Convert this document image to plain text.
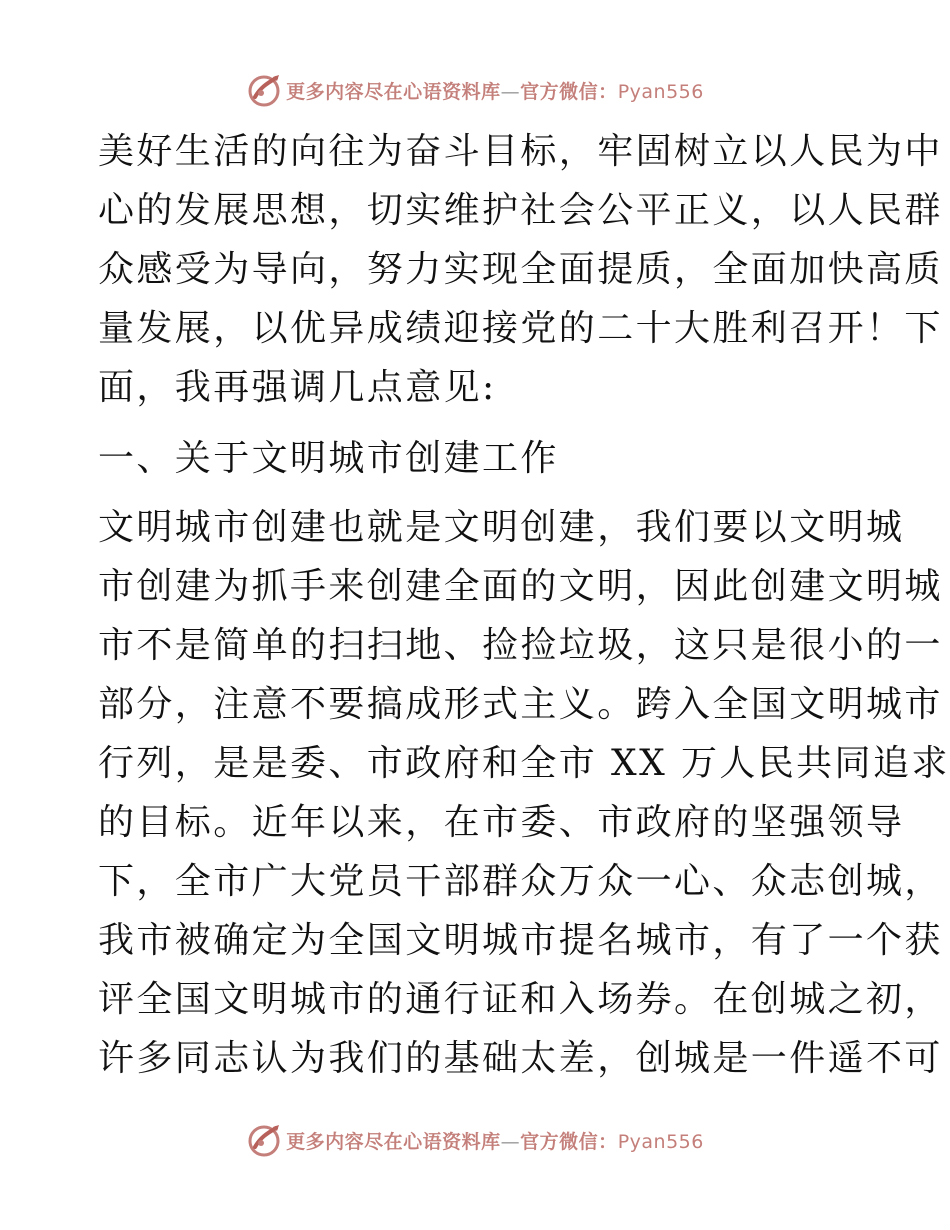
更多内容尽在心语资料库—官方微信：Pyan556
美好生活的向往为奋斗目标，牢固树立以人民为中
心的发展思想，切实维护社会公平正义，以人民群
众感受为导向，努力实现全面提质，全面加快高质
量发展，以优异成绩迎接党的二十大胜利召开！下
面，我再强调几点意见:
一、关于文明城市创建工作
文明城市创建也就是文明创建，我们要以文明城
市创建为抓手来创建全面的文明，因此创建文明城
市不是简单的扫扫地、捡捡垃圾，这只是很小的一
部分，注意不要搞成形式主义。跨入全国文明城市
行列，是是委、市政府和全市 XX 万人民共同追求
的目标。近年以来，在市委、市政府的坚强领导
下，全市广大党员干部群众万众一心、众志创城，
我市被确定为全国文明城市提名城市，有了一个获
评全国文明城市的通行证和入场券。在创城之初，
许多同志认为我们的基础太差，创城是一件遥不可
更多内容尽在心语资料库—官方微信：Pyan556
